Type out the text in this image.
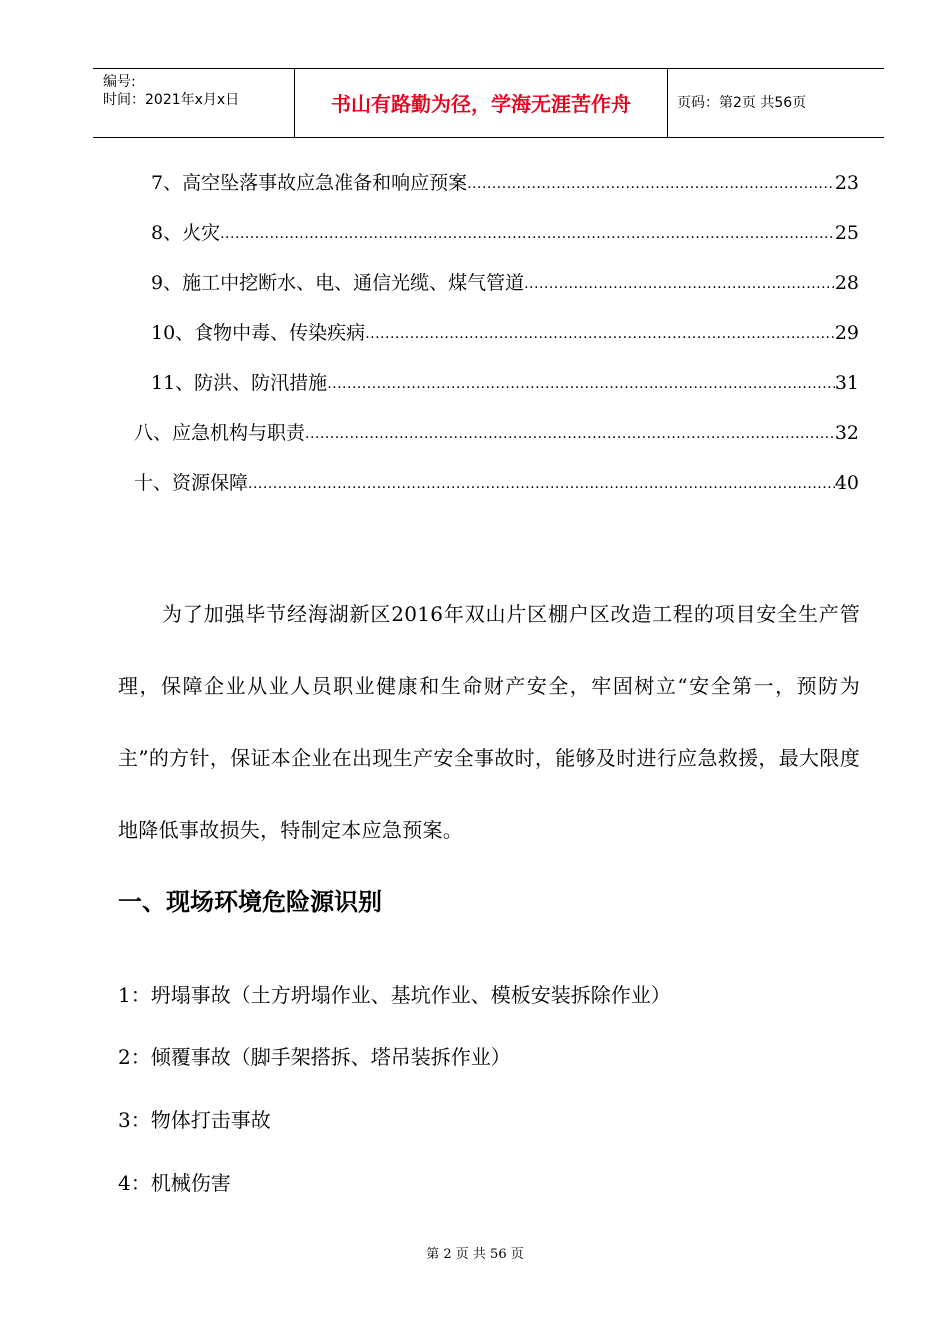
编号:
时间：2021年x月x日	书山有路勤为径，学海无涯苦作舟	页码：第2页 共56页
7、高空坠落事故应急准备和响应预案 .....	23
8、火灾 .....	25
9、施工中挖断水、电、通信光缆、煤气管道 .....	28
10、食物中毒、传染疾病 .....	29
11、防洪、防汛措施 .....	31
八、应急机构与职责 .....	32
十、资源保障 .....	40
为了加强毕节经海湖新区2016年双山片区棚户区改造工程的项目安全生产管理，保障企业从业人员职业健康和生命财产安全，牢固树立“安全第一，预防为主”的方针，保证本企业在出现生产安全事故时，能够及时进行应急救援，最大限度地降低事故损失，特制定本应急预案。
一、现场环境危险源识别
1：坍塌事故（土方坍塌作业、基坑作业、模板安装拆除作业）
2：倾覆事故（脚手架搭拆、塔吊装拆作业）
3：物体打击事故
4：机械伤害
第 2 页 共 56 页
